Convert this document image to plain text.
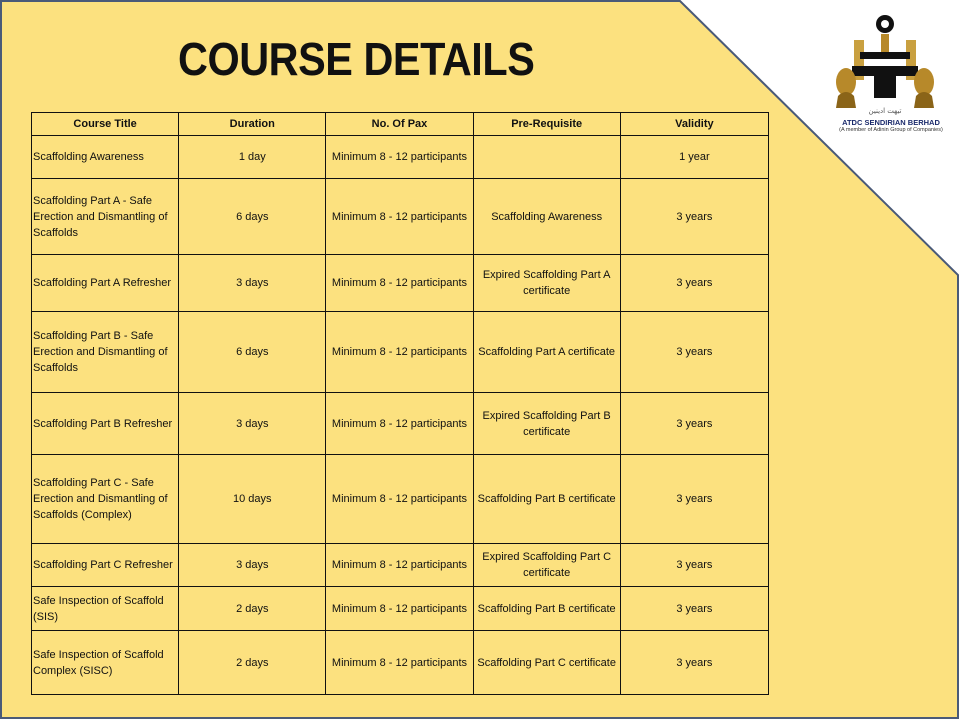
COURSE DETAILS
ﺗﻴﻬﺖ ﺍﺩﻳﻨﻴﻦ
ATDC SENDIRIAN BERHAD
(A member of Adinin Group of Companies)
Course Title	Duration	No. Of Pax	Pre-Requisite	Validity
Scaffolding Awareness	1 day	Minimum 8 - 12 participants		1 year
Scaffolding Part A - Safe Erection and Dismantling of Scaffolds	6 days	Minimum 8 - 12 participants	Scaffolding Awareness	3 years
Scaffolding Part A Refresher	3 days	Minimum 8 - 12 participants	Expired Scaffolding Part A certificate	3 years
Scaffolding Part B - Safe Erection and Dismantling of Scaffolds	6 days	Minimum 8 - 12 participants	Scaffolding Part A certificate	3 years
Scaffolding Part B Refresher	3 days	Minimum 8 - 12 participants	Expired Scaffolding Part B certificate	3 years
Scaffolding Part C - Safe Erection and Dismantling of Scaffolds (Complex)	10 days	Minimum 8 - 12 participants	Scaffolding Part B certificate	3 years
Scaffolding Part C Refresher	3 days	Minimum 8 - 12 participants	Expired Scaffolding Part C certificate	3 years
Safe Inspection of Scaffold (SIS)	2 days	Minimum 8 - 12 participants	Scaffolding Part B certificate	3 years
Safe Inspection of Scaffold Complex (SISC)	2 days	Minimum 8 - 12 participants	Scaffolding Part C certificate	3 years
